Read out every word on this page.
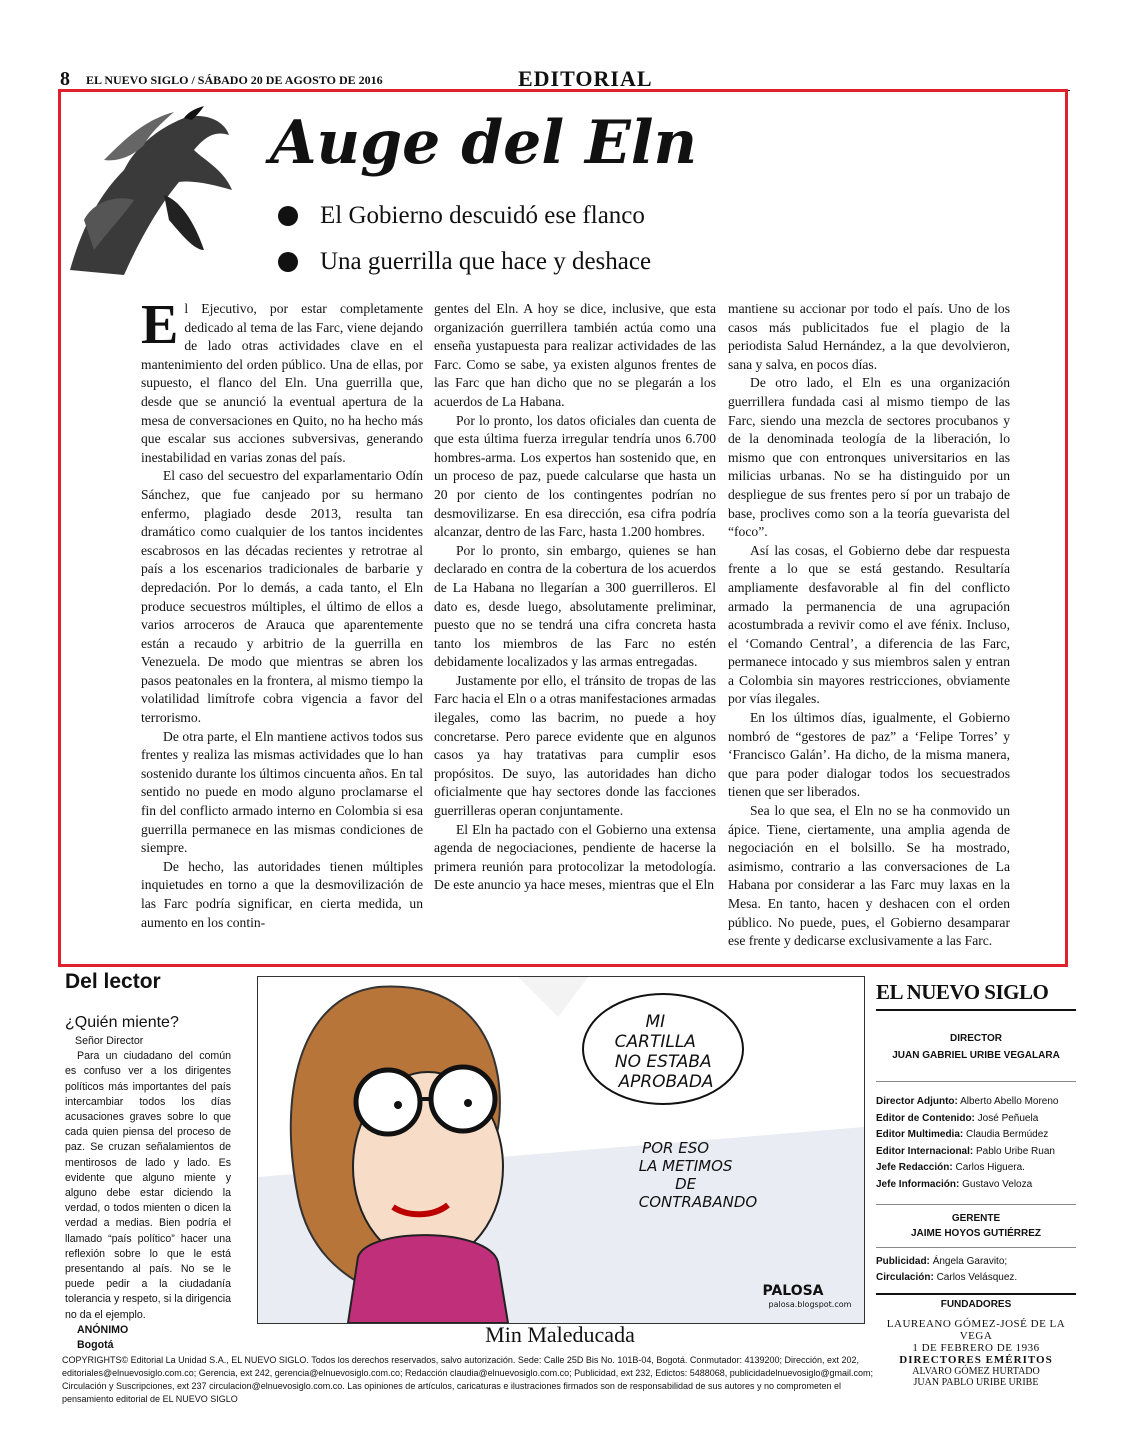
8 EL NUEVO SIGLO / SÁBADO 20 DE AGOSTO DE 2016	EDITORIAL
Auge del Eln
El Gobierno descuidó ese flanco
Una guerrilla que hace y deshace

El Ejecutivo, por estar completamente dedicado al tema de las Farc, viene dejando de lado otras actividades clave en el mantenimiento del orden público. Una de ellas, por supuesto, el flanco del Eln. Una guerrilla que, desde que se anunció la eventual apertura de la mesa de conversaciones en Quito, no ha hecho más que escalar sus acciones subversivas, generando inestabilidad en varias zonas del país.

El caso del secuestro del exparlamentario Odín Sánchez, que fue canjeado por su hermano enfermo, plagiado desde 2013, resulta tan dramático como cualquier de los tantos incidentes escabrosos en las décadas recientes y retrotrae al país a los escenarios tradicionales de barbarie y depredación. Por lo demás, a cada tanto, el Eln produce secuestros múltiples, el último de ellos a varios arroceros de Arauca que aparentemente están a recaudo y arbitrio de la guerrilla en Venezuela. De modo que mientras se abren los pasos peatonales en la frontera, al mismo tiempo la volatilidad limítrofe cobra vigencia a favor del terrorismo.

De otra parte, el Eln mantiene activos todos sus frentes y realiza las mismas actividades que lo han sostenido durante los últimos cincuenta años. En tal sentido no puede en modo alguno proclamarse el fin del conflicto armado interno en Colombia si esa guerrilla permanece en las mismas condiciones de siempre.

De hecho, las autoridades tienen múltiples inquietudes en torno a que la desmovilización de las Farc podría significar, en cierta medida, un aumento en los contin-

gentes del Eln. A hoy se dice, inclusive, que esta organización guerrillera también actúa como una enseña yustapuesta para realizar actividades de las Farc. Como se sabe, ya existen algunos frentes de las Farc que han dicho que no se plegarán a los acuerdos de La Habana.

Por lo pronto, los datos oficiales dan cuenta de que esta última fuerza irregular tendría unos 6.700 hombres-arma. Los expertos han sostenido que, en un proceso de paz, puede calcularse que hasta un 20 por ciento de los contingentes podrían no desmovilizarse. En esa dirección, esa cifra podría alcanzar, dentro de las Farc, hasta 1.200 hombres.

Por lo pronto, sin embargo, quienes se han declarado en contra de la cobertura de los acuerdos de La Habana no llegarían a 300 guerrilleros. El dato es, desde luego, absolutamente preliminar, puesto que no se tendrá una cifra concreta hasta tanto los miembros de las Farc no estén debidamente localizados y las armas entregadas.

Justamente por ello, el tránsito de tropas de las Farc hacia el Eln o a otras manifestaciones armadas ilegales, como las bacrim, no puede a hoy concretarse. Pero parece evidente que en algunos casos ya hay tratativas para cumplir esos propósitos. De suyo, las autoridades han dicho oficialmente que hay sectores donde las facciones guerrilleras operan conjuntamente.

El Eln ha pactado con el Gobierno una extensa agenda de negociaciones, pendiente de hacerse la primera reunión para protocolizar la metodología. De este anuncio ya hace meses, mientras que el Eln

mantiene su accionar por todo el país. Uno de los casos más publicitados fue el plagio de la periodista Salud Hernández, a la que devolvieron, sana y salva, en pocos días.

De otro lado, el Eln es una organización guerrillera fundada casi al mismo tiempo de las Farc, siendo una mezcla de sectores procubanos y de la denominada teología de la liberación, lo mismo que con entronques universitarios en las milicias urbanas. No se ha distinguido por un despliegue de sus frentes pero sí por un trabajo de base, proclives como son a la teoría guevarista del “foco”.

Así las cosas, el Gobierno debe dar respuesta frente a lo que se está gestando. Resultaría ampliamente desfavorable al fin del conflicto armado la permanencia de una agrupación acostumbrada a revivir como el ave fénix. Incluso, el ‘Comando Central’, a diferencia de las Farc, permanece intocado y sus miembros salen y entran a Colombia sin mayores restricciones, obviamente por vías ilegales.

En los últimos días, igualmente, el Gobierno nombró de “gestores de paz” a ‘Felipe Torres’ y ‘Francisco Galán’. Ha dicho, de la misma manera, que para poder dialogar todos los secuestrados tienen que ser liberados.

Sea lo que sea, el Eln no se ha conmovido un ápice. Tiene, ciertamente, una amplia agenda de negociación en el bolsillo. Se ha mostrado, asimismo, contrario a las conversaciones de La Habana por considerar a las Farc muy laxas en la Mesa. En tanto, hacen y deshacen con el orden público. No puede, pues, el Gobierno desamparar ese frente y dedicarse exclusivamente a las Farc.

Del lector
¿Quién miente?

Señor Director

Para un ciudadano del común es confuso ver a los dirigentes políticos más importantes del país intercambiar todos los días acusaciones graves sobre lo que cada quien piensa del proceso de paz. Se cruzan señalamientos de mentirosos de lado y lado. Es evidente que alguno miente y alguno debe estar diciendo la verdad, o todos mienten o dicen la verdad a medias. Bien podría el llamado “país político” hacer una reflexión sobre lo que le está presentando al país. No se le puede pedir a la ciudadanía tolerancia y respeto, si la dirigencia no da el ejemplo.

ANÓNIMO

Bogotá

MI CARTILLA NO ESTABA APROBADA
POR ESO LA METIMOS DE CONTRABANDO
PALOSA
palosa.blogspot.com
Min Maleducada
EL NUEVO SIGLO
DIRECTOR
JUAN GABRIEL URIBE VEGALARA
Director Adjunto: Alberto Abello Moreno
Editor de Contenido: José Peñuela
Editor Multimedia: Claudia Bermúdez
Editor Internacional: Pablo Uribe Ruan
Jefe Redacción: Carlos Higuera.
Jefe Información: Gustavo Veloza
GERENTE
JAIME HOYOS GUTIÉRREZ
Publicidad: Ángela Garavito;
Circulación: Carlos Velásquez.
FUNDADORES
LAUREANO GÓMEZ-JOSÉ DE LA VEGA
1 DE FEBRERO DE 1936
DIRECTORES EMÉRITOS
ALVARO GÓMEZ HURTADO
JUAN PABLO URIBE URIBE
COPYRIGHTS© Editorial La Unidad S.A., EL NUEVO SIGLO. Todos los derechos reservados, salvo autorización. Sede: Calle 25D Bis No. 101B-04, Bogotá. Conmutador: 4139200; Dirección, ext 202, editoriales@elnuevosiglo.com.co; Gerencia, ext 242, gerencia@elnuevosiglo.com.co; Redacción claudia@elnuevosiglo.com.co; Publicidad, ext 232, Edictos: 5488068, publicidadelnuevosiglo@gmail.com; Circulación y Suscripciones, ext 237 circulacion@elnuevosiglo.com.co. Las opiniones de artículos, caricaturas e ilustraciones firmados son de responsabilidad de sus autores y no comprometen el pensamiento editorial de EL NUEVO SIGLO
